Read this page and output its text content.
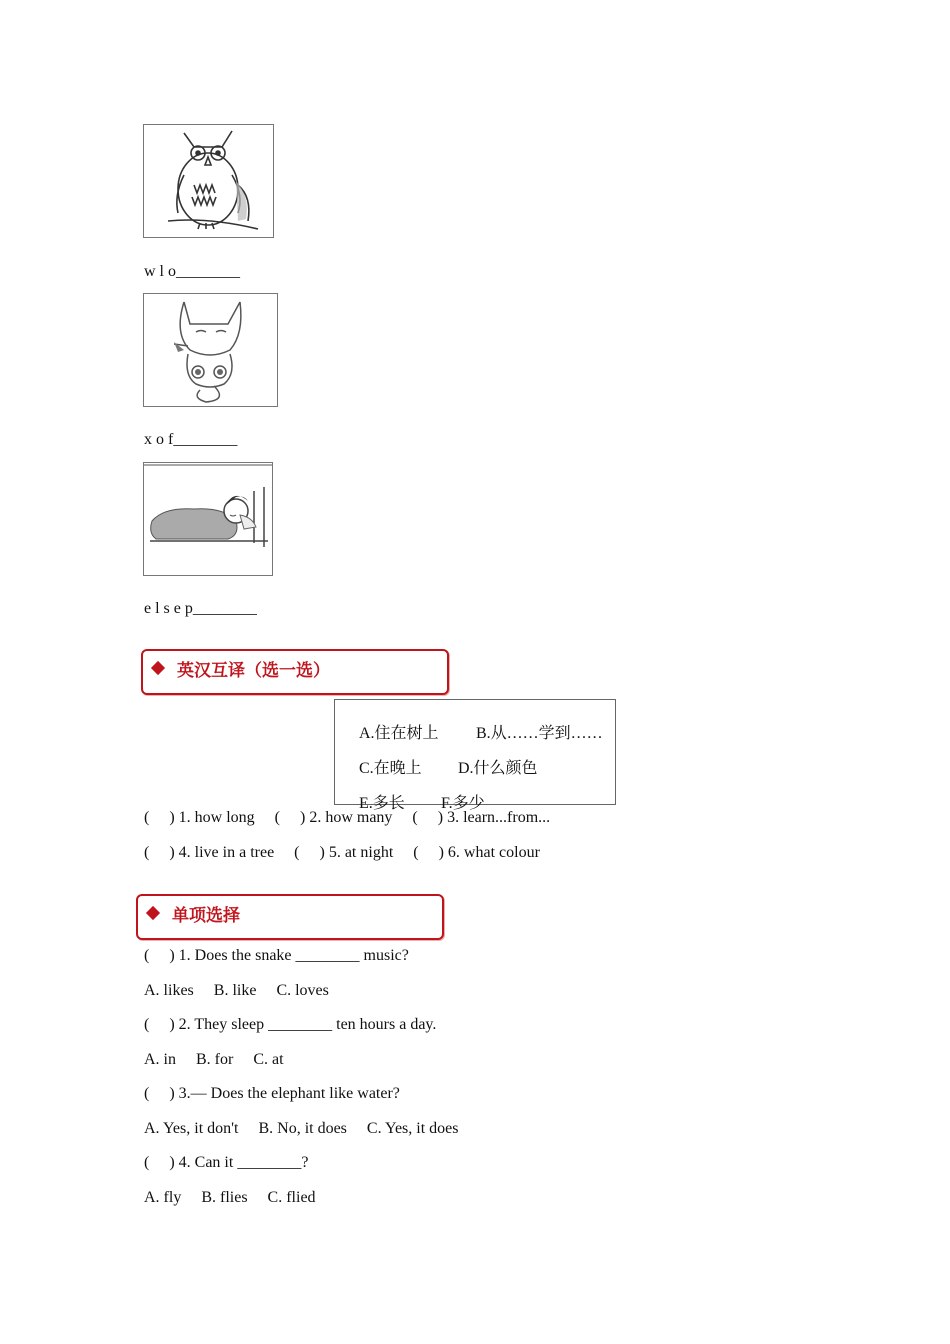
w l o________
x o f________
e l s e p________
英汉互译（选一选）

A.住在树上 B.从……学到……

C.在晚上 D.什么颜色

E.多长 F.多少

(     ) 1. how long     (     ) 2. how many     (     ) 3. learn...from...
(     ) 4. live in a tree     (     ) 5. at night     (     ) 6. what colour
单项选择
(     ) 1. Does the snake ________ music?
A. likes     B. like     C. loves
(     ) 2. They sleep ________ ten hours a day.
A. in     B. for     C. at
(     ) 3.— Does the elephant like water?
A. Yes, it don't     B. No, it does     C. Yes, it does
(     ) 4. Can it ________?
A. fly     B. flies     C. flied
